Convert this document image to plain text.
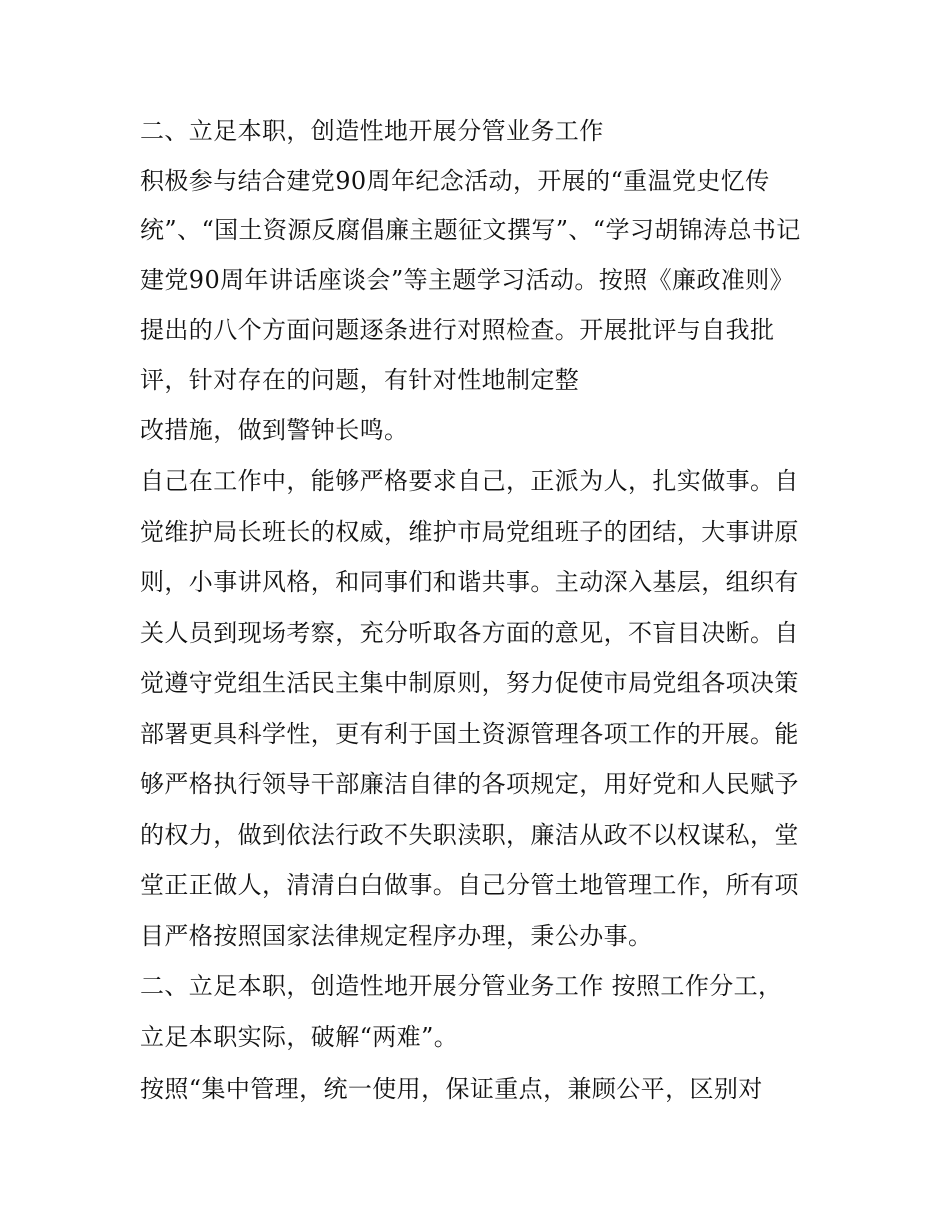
二、立足本职，创造性地开展分管业务工作
积极参与结合建党90周年纪念活动，开展的“重温党史忆传
统”、“国土资源反腐倡廉主题征文撰写”、“学习胡锦涛总书记
建党90周年讲话座谈会”等主题学习活动。按照《廉政准则》
提出的八个方面问题逐条进行对照检查。开展批评与自我批
评，针对存在的问题，有针对性地制定整
改措施，做到警钟长鸣。
自己在工作中，能够严格要求自己，正派为人，扎实做事。自
觉维护局长班长的权威，维护市局党组班子的团结，大事讲原
则，小事讲风格，和同事们和谐共事。主动深入基层，组织有
关人员到现场考察，充分听取各方面的意见，不盲目决断。自
觉遵守党组生活民主集中制原则，努力促使市局党组各项决策
部署更具科学性，更有利于国土资源管理各项工作的开展。能
够严格执行领导干部廉洁自律的各项规定，用好党和人民赋予
的权力，做到依法行政不失职渎职，廉洁从政不以权谋私，堂
堂正正做人，清清白白做事。自己分管土地管理工作，所有项
目严格按照国家法律规定程序办理，秉公办事。
二、立足本职，创造性地开展分管业务工作 按照工作分工，
立足本职实际，破解“两难”。
按照“集中管理，统一使用，保证重点，兼顾公平，区别对
